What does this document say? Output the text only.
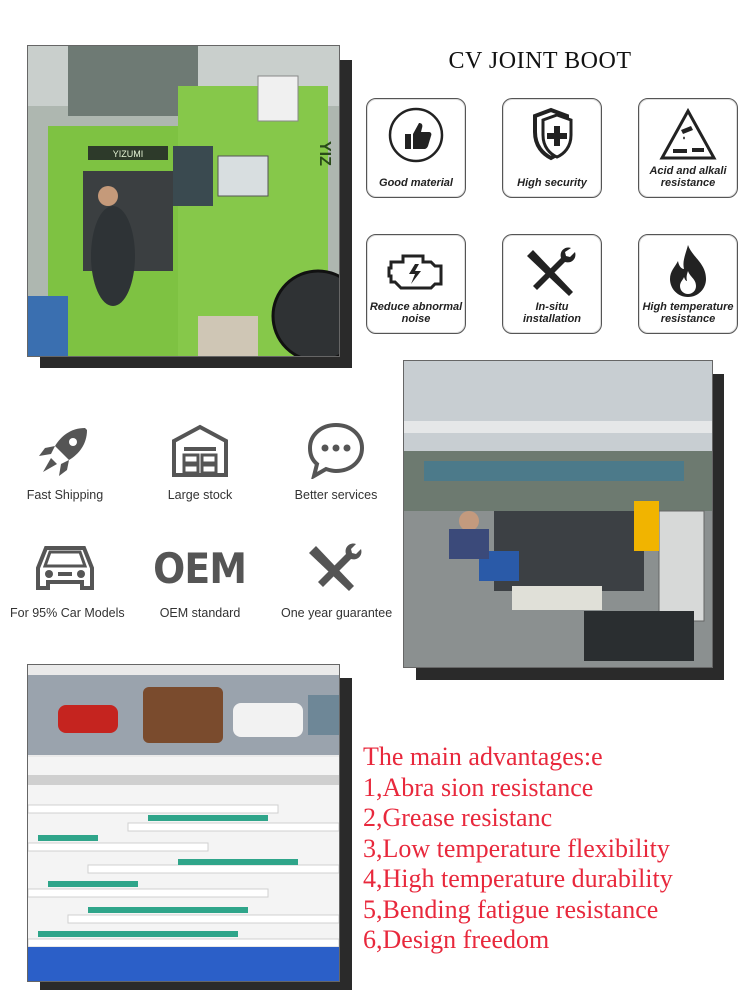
YIZUMI	YIZ
CV JOINT BOOT
Good material	High security
Acid and alkali resistance
Reduce abnormal noise
In-situ installation
High temperature resistance
Fast Shipping	Large stock	Better services
For 95% Car Models
OEM
OEM standard	One year guarantee
The main advantages:e
1,Abra sion resistance
2,Grease resistanc
3,Low temperature flexibility
4,High temperature durability
5,Bending fatigue resistance
6,Design freedom
